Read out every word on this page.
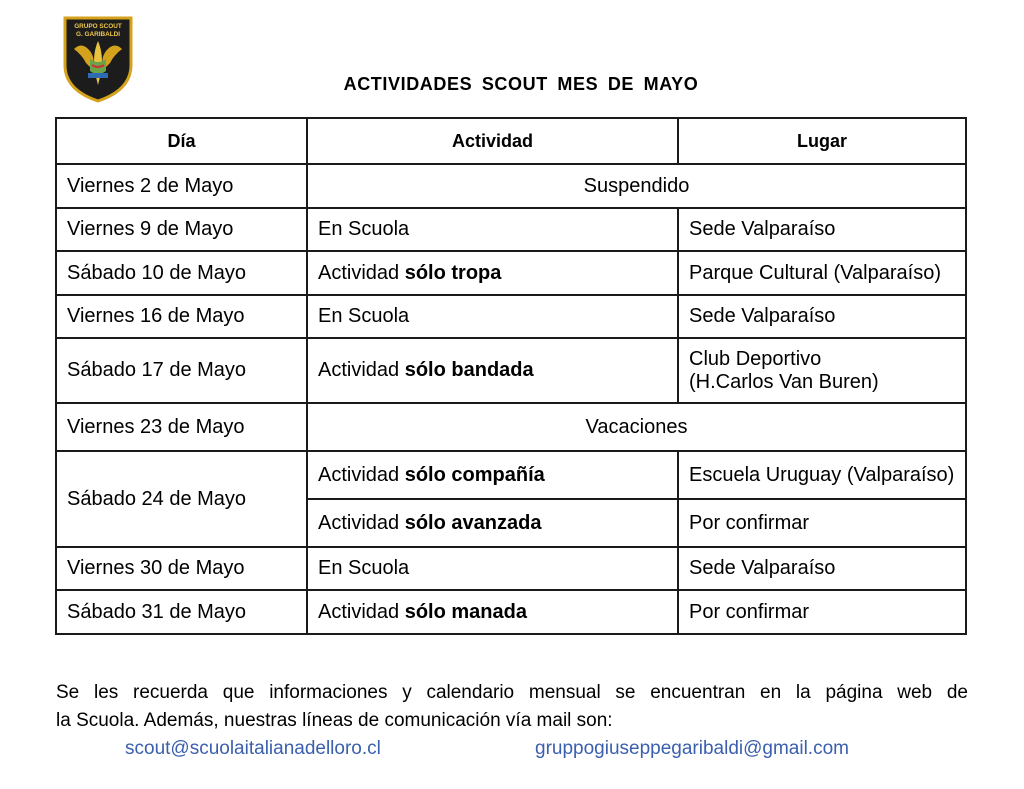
GRUPO SCOUT
G. GARIBALDI
ACTIVIDADES SCOUT MES DE MAYO
Día	Actividad	Lugar
Viernes 2 de Mayo	Suspendido	
Viernes 9 de Mayo	En Scuola	Sede Valparaíso
Sábado 10 de Mayo	Actividad sólo tropa	Parque Cultural (Valparaíso)
Viernes 16 de Mayo	En Scuola	Sede Valparaíso
Sábado 17 de Mayo	Actividad sólo bandada	Club Deportivo
(H.Carlos Van Buren)

Viernes 23 de Mayo	Vacaciones	
Sábado 24 de Mayo	Actividad sólo compañía	Escuela Uruguay (Valparaíso)
	Actividad sólo avanzada	Por confirmar
Viernes 30 de Mayo	En Scuola	Sede Valparaíso
Sábado 31 de Mayo	Actividad sólo manada	Por confirmar
Se les recuerda que informaciones y calendario mensual se encuentran en la página web de
la Scuola. Además, nuestras líneas de comunicación vía mail son:
scout@scuolaitalianadelloro.cl	gruppogiuseppegaribaldi@gmail.com
